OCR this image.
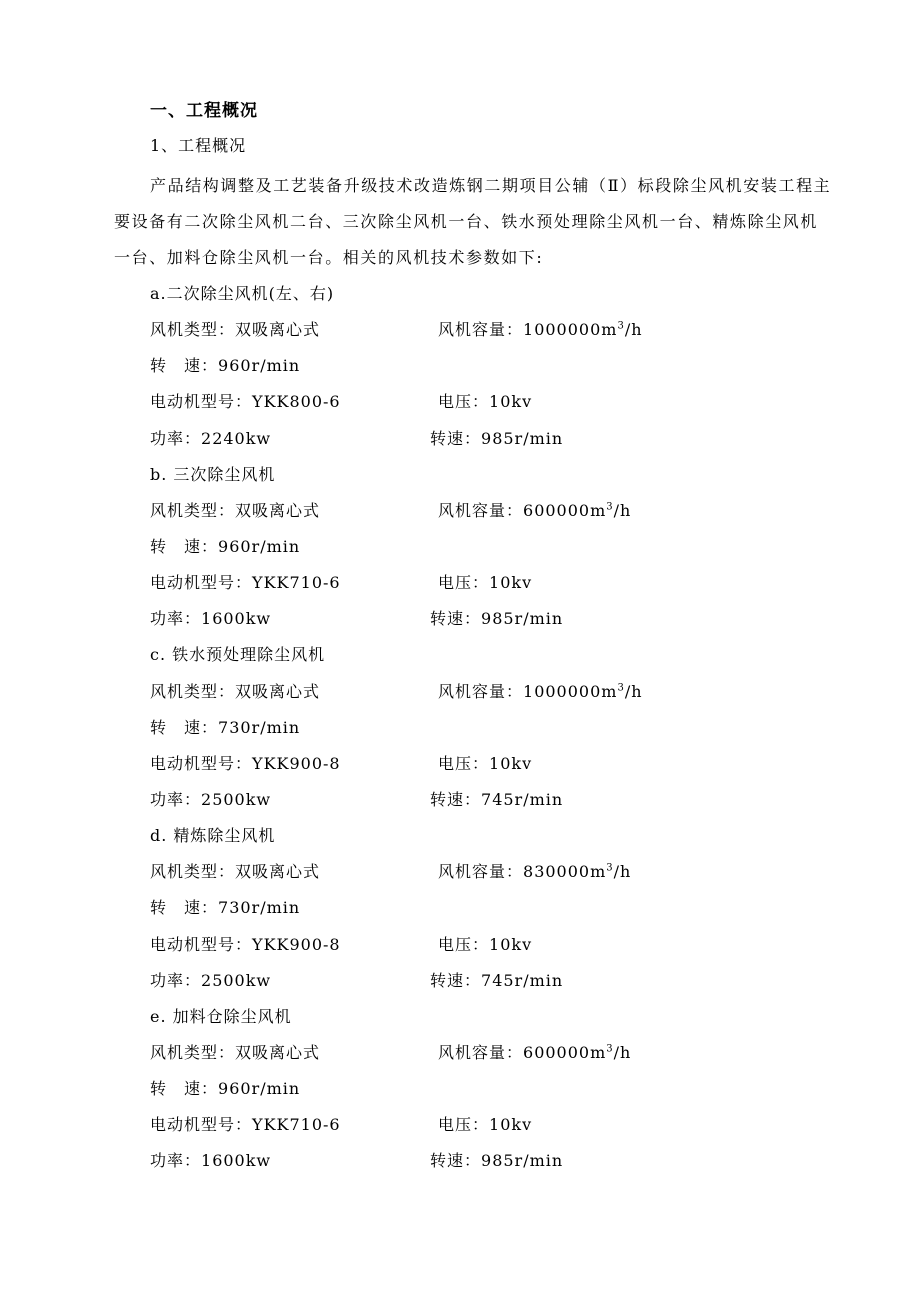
一、工程概况
1、工程概况

产品结构调整及工艺装备升级技术改造炼钢二期项目公辅（Ⅱ）标段除尘风机安装工程主要设备有二次除尘风机二台、三次除尘风机一台、铁水预处理除尘风机一台、精炼除尘风机一台、加料仓除尘风机一台。相关的风机技术参数如下:

a.二次除尘风机(左、右)
风机类型：双吸离心式	风机容量：$1000000m^3/h$
转　速：960r/min
电动机型号：YKK800-6	电压：10kv
功率：2240kw	转速：985r/min
b. 三次除尘风机
风机类型：双吸离心式	风机容量：$600000m^3/h$
转　速：960r/min
电动机型号：YKK710-6	电压：10kv
功率：1600kw	转速：985r/min
c. 铁水预处理除尘风机
风机类型：双吸离心式	风机容量：$1000000m^3/h$
转　速：730r/min
电动机型号：YKK900-8	电压：10kv
功率：2500kw	转速：745r/min
d. 精炼除尘风机
风机类型：双吸离心式	风机容量：$830000m^3/h$
转　速：730r/min
电动机型号：YKK900-8	电压：10kv
功率：2500kw	转速：745r/min
e. 加料仓除尘风机
风机类型：双吸离心式	风机容量：$600000m^3/h$
转　速：960r/min
电动机型号：YKK710-6	电压：10kv
功率：1600kw	转速：985r/min
